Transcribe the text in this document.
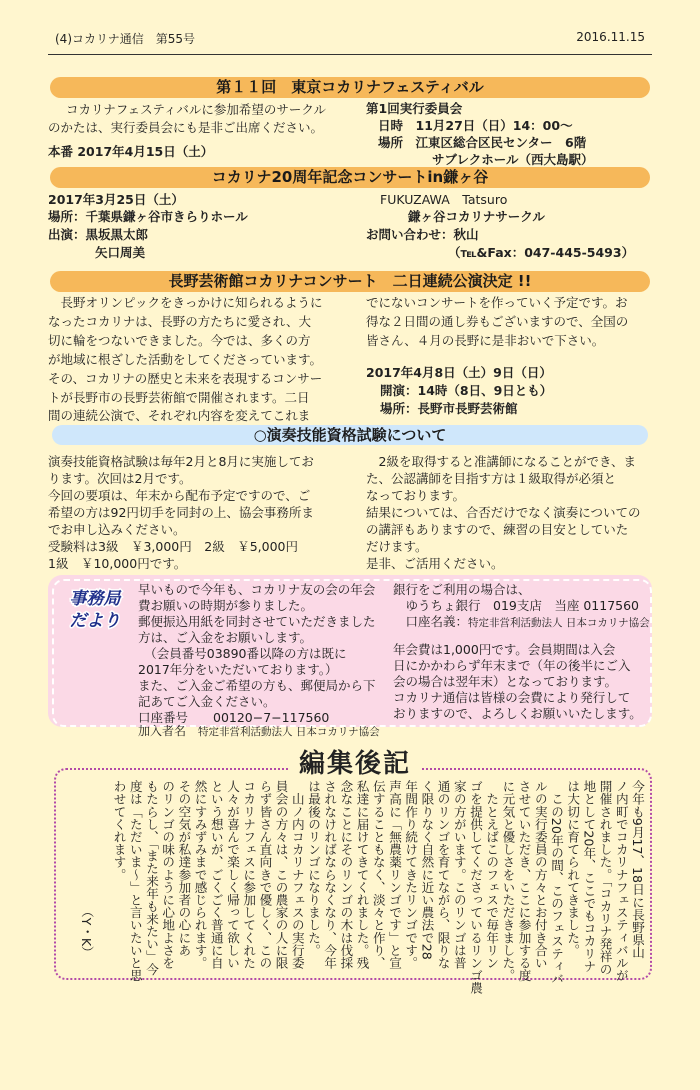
(4)コカリナ通信　第55号	2016.11.15
第１１回　東京コカリナフェスティバル
コカリナフェスティバルに参加希望のサークル
のかたは、実行委員会にも是非ご出席ください。
本番 2017年4月15日（土）
第1回実行委員会
日時　11月27日（日）14：00～
場所　江東区総合区民センター　6階
サブレクホール（西大島駅）
コカリナ20周年記念コンサートin鎌ヶ谷
2017年3月25日（土）
場所：千葉県鎌ヶ谷市きらりホール
出演：黒坂黒太郎
矢口周美
FUKUZAWA　Tatsuro
鎌ヶ谷コカリナサークル
お問い合わせ：秋山
（℡&Fax：047-445-5493）
長野芸術館コカリナコンサート　二日連続公演決定 !!
　長野オリンピックをきっかけに知られるように
なったコカリナは、長野の方たちに愛され、大
切に輪をつないできました。今では、多くの方
が地域に根ざした活動をしてくださっています。
その、コカリナの歴史と未来を表現するコンサー
トが長野市の長野芸術館で開催されます。二日
間の連続公演で、それぞれ内容を変えてこれま
でにないコンサートを作っていく予定です。お
得な２日間の通し券もございますので、全国の
皆さん、４月の長野に是非おいで下さい。
2017年4月8日（土）9日（日）
開演：14時（8日、9日とも）
場所：長野市長野芸術館
○演奏技能資格試験について
演奏技能資格試験は毎年2月と8月に実施してお
ります。次回は2月です。
今回の要項は、年末から配布予定ですので、ご
希望の方は92円切手を同封の上、協会事務所ま
でお申し込みください。
受験料は3級　￥3,000円　2級　￥5,000円
1級　￥10,000円です。
　2級を取得すると准講師になることができ、ま
た、公認講師を目指す方は１級取得が必須と
なっております。
結果については、合否だけでなく演奏についての
の講評もありますので、練習の目安としていた
だけます。
是非、ご活用ください。
事務局
だより
早いもので今年も、コカリナ友の会の年会
費お願いの時期が参りました。
郵便振込用紙を同封させていただきました
方は、ご入金をお願いします。
　（会員番号03890番以降の方は既に
2017年分をいただいております。）
また、ご入金ご希望の方も、郵便局から下
記あてご入金ください。
口座番号　　00120−7−117560
加入者名　特定非営利活動法人 日本コカリナ協会
銀行をご利用の場合は、
　ゆうちょ銀行　019支店　当座 0117560
　口座名義：特定非営利活動法人 日本コカリナ協会
年会費は1,000円です。会員期間は入会
日にかかわらず年末まで（年の後半にご入
会の場合は翌年末）となっております。
コカリナ通信は皆様の会費により発行して
おりますので、よろしくお願いいたします。
編集後記
今年も9月17、18日に長野県山
ノ内町でコカリナフェスティバルが
開催されました。「コカリナ発祥の
地として20年、ここでもコカリナ
は大切に育てられてきました。
　この20年の間、このフェスティバ
ルの実行委員の方々とお付き合い
させていただき、ここに参加する度
に元気と優しさをいただきました。
　たとえばこのフェスで毎年リン
ゴを提供してくださっているリンゴ農
家の方がいます。このリンゴは普
通のリンゴを育てながら、限りな
く限りなく自然に近い農法で28
年間作り続けてきたリンゴです。
声高に「無農薬リンゴです」と宣
伝することもなく、淡々と作り、
私達に届けてきてくれました。残
念なことにそのリンゴの木は伐採
されなければならなくなり、今年
は最後のリンゴになりました。
　山ノ内コカリナフェスの実行委
員会の方々は、この農家の人に限
らず皆さん直向きで優しく、この
コカリナフェスに参加してくれた
人々が喜んで楽しく帰って欲しい
という想いが、ごくごく普通に自
然にすみずみまで感じられます。
その空気が私達参加者の心にあ
のリンゴの味のように心地よさを
もたらし、「また来年も来たい」今
度は「ただいま〜」と言いたいと思
わせてくれます。
（Y・K）
